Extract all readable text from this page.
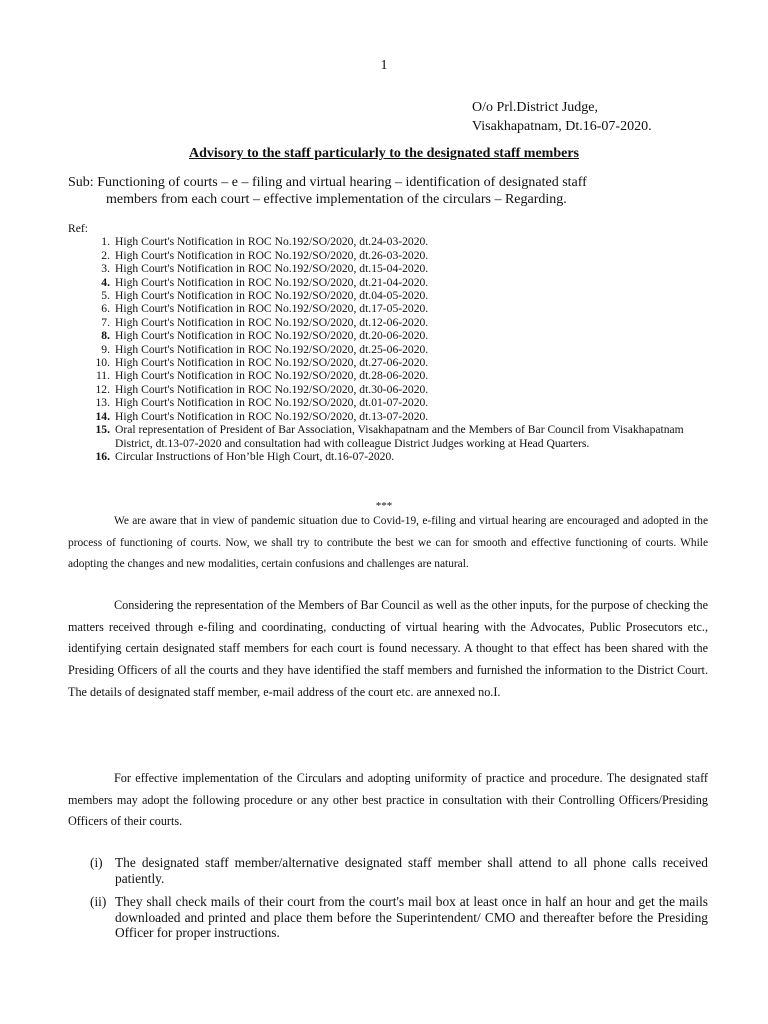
1
O/o Prl.District Judge,
Visakhapatnam, Dt.16-07-2020.
Advisory to the staff particularly to the designated staff members
Sub: Functioning of courts – e – filing and virtual hearing – identification of designated staff
members from each court – effective implementation of the circulars – Regarding.
Ref:
1. High Court's Notification in ROC No.192/SO/2020, dt.24-03-2020.
2. High Court's Notification in ROC No.192/SO/2020, dt.26-03-2020.
3. High Court's Notification in ROC No.192/SO/2020, dt.15-04-2020.
4. High Court's Notification in ROC No.192/SO/2020, dt.21-04-2020.
5. High Court's Notification in ROC No.192/SO/2020, dt.04-05-2020.
6. High Court's Notification in ROC No.192/SO/2020, dt.17-05-2020.
7. High Court's Notification in ROC No.192/SO/2020, dt.12-06-2020.
8. High Court's Notification in ROC No.192/SO/2020, dt.20-06-2020.
9. High Court's Notification in ROC No.192/SO/2020, dt.25-06-2020.
10. High Court's Notification in ROC No.192/SO/2020, dt.27-06-2020.
11. High Court's Notification in ROC No.192/SO/2020, dt.28-06-2020.
12. High Court's Notification in ROC No.192/SO/2020, dt.30-06-2020.
13. High Court's Notification in ROC No.192/SO/2020, dt.01-07-2020.
14. High Court's Notification in ROC No.192/SO/2020, dt.13-07-2020.
15. Oral representation of President of Bar Association, Visakhapatnam and the Members of Bar Council from Visakhapatnam District, dt.13-07-2020 and consultation had with colleague District Judges working at Head Quarters.
16. Circular Instructions of Hon’ble High Court, dt.16-07-2020.
***

We are aware that in view of pandemic situation due to Covid-19, e-filing and virtual hearing are encouraged and adopted in the process of functioning of courts. Now, we shall try to contribute the best we can for smooth and effective functioning of courts. While adopting the changes and new modalities, certain confusions and challenges are natural.

Considering the representation of the Members of Bar Council as well as the other inputs, for the purpose of checking the matters received through e-filing and coordinating, conducting of virtual hearing with the Advocates, Public Prosecutors etc., identifying certain designated staff members for each court is found necessary. A thought to that effect has been shared with the Presiding Officers of all the courts and they have identified the staff members and furnished the information to the District Court. The details of designated staff member, e-mail address of the court etc. are annexed no.I.

For effective implementation of the Circulars and adopting uniformity of practice and procedure. The designated staff members may adopt the following procedure or any other best practice in consultation with their Controlling Officers/Presiding Officers of their courts.

(i) The designated staff member/alternative designated staff member shall attend to all phone calls received patiently.
(ii) They shall check mails of their court from the court's mail box at least once in half an hour and get the mails downloaded and printed and place them before the Superintendent/ CMO and thereafter before the Presiding Officer for proper instructions.
